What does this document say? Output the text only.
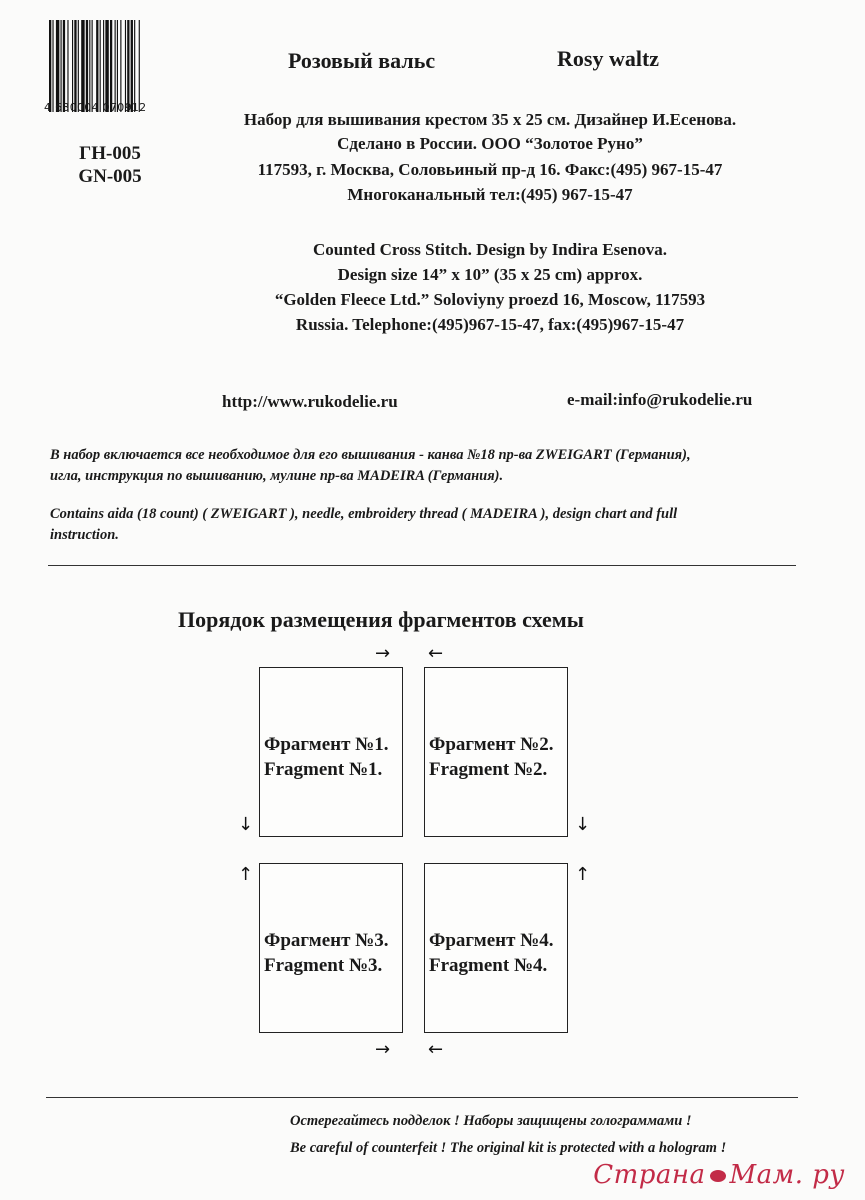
4 630004 070912
ГН-005
GN-005
Розовый вальс	Rosy waltz
Набор для вышивания крестом 35 x 25 см. Дизайнер И.Есенова.
Сделано в России. ООО “Золотое Руно”
117593, г. Москва, Соловьиный пр-д 16. Факс:(495) 967-15-47
Многоканальный тел:(495) 967-15-47
Counted Cross Stitch. Design by Indira Esenova.
Design size 14” x 10” (35 x 25 cm) approx.
“Golden Fleece Ltd.” Soloviyny proezd 16, Moscow, 117593
Russia. Telephone:(495)967-15-47, fax:(495)967-15-47
http://www.rukodelie.ru	e-mail:info@rukodelie.ru
В набор включается все необходимое для его вышивания - канва №18 пр-ва ZWEIGART (Германия),
игла, инструкция по вышиванию, мулине пр-ва MADEIRA (Германия).
Contains aida (18 count) ( ZWEIGART ), needle, embroidery thread ( MADEIRA ), design chart and full
instruction.
Порядок размещения фрагментов схемы
Фрагмент №1.
Fragment №1.
Фрагмент №2.
Fragment №2.
Фрагмент №3.
Fragment №3.
Фрагмент №4.
Fragment №4.
→ ←
↓	↓
↑	↑
→ ←
Остерегайтесь подделок ! Наборы защищены голограммами !
Be careful of counterfeit ! The original kit is protected with a hologram !
Страна Мам. ру
